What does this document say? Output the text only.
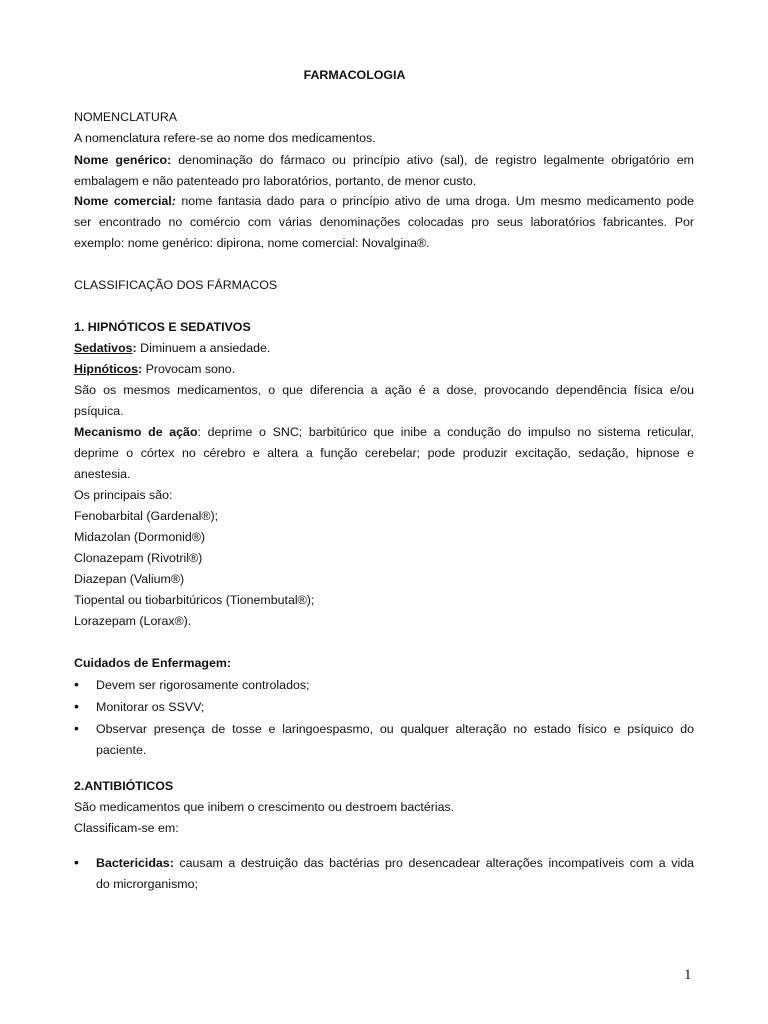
FARMACOLOGIA
NOMENCLATURA
A nomenclatura refere-se ao nome dos medicamentos.
Nome genérico: denominação do fármaco ou princípio ativo (sal), de registro legalmente obrigatório em
embalagem e não patenteado pro laboratórios, portanto, de menor custo.
Nome comercial: nome fantasia dado para o princípio ativo de uma droga. Um mesmo medicamento pode
ser encontrado no comércio com várias denominações colocadas pro seus laboratórios fabricantes. Por
exemplo: nome genérico: dipirona, nome comercial: Novalgina®.
CLASSIFICAÇÃO DOS FÁRMACOS
1. HIPNÓTICOS E SEDATIVOS
Sedativos: Diminuem a ansiedade.
Hipnóticos: Provocam sono.
São os mesmos medicamentos, o que diferencia a ação é a dose, provocando dependência física e/ou
psíquica.
Mecanismo de ação: deprime o SNC; barbitúrico que inibe a condução do impulso no sistema reticular,
deprime o córtex no cérebro e altera a função cerebelar; pode produzir excitação, sedação, hipnose e
anestesia.
Os principais são:
Fenobarbital (Gardenal®);
Midazolan (Dormonid®)
Clonazepam (Rivotril®)
Diazepan (Valium®)
Tiopental ou tiobarbitúricos (Tionembutal®);
Lorazepam (Lorax®).
Cuidados de Enfermagem:
• Devem ser rigorosamente controlados;
• Monitorar os SSVV;
• Observar presença de tosse e laringoespasmo, ou qualquer alteração no estado físico e psíquico do
paciente.
2.ANTIBIÓTICOS
São medicamentos que inibem o crescimento ou destroem bactérias.
Classificam-se em:
• Bactericidas: causam a destruição das bactérias pro desencadear alterações incompatíveis com a vida
do microrganismo;
1
